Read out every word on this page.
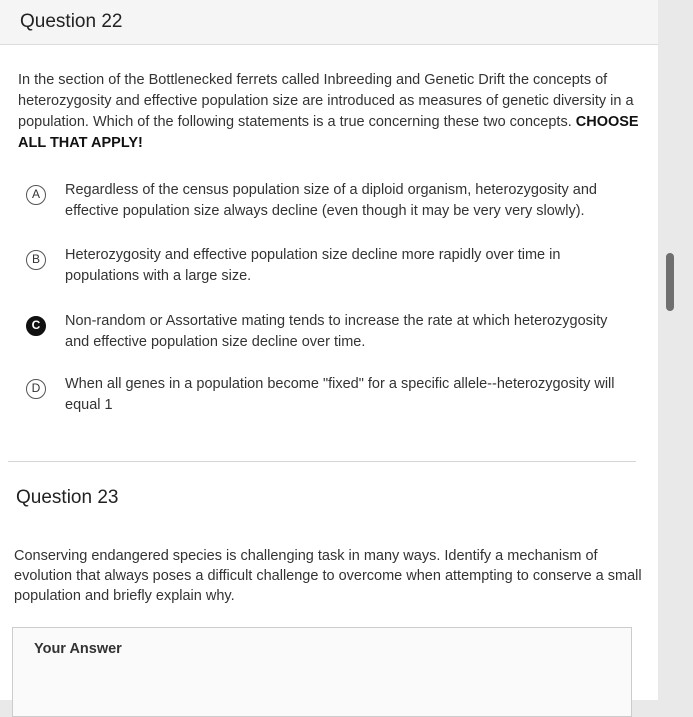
Question 22
In the section of the Bottlenecked ferrets called Inbreeding and Genetic Drift the concepts of heterozygosity and effective population size are introduced as measures of genetic diversity in a population. Which of the following statements is a true concerning these two concepts. CHOOSE ALL THAT APPLY!
A	Regardless of the census population size of a diploid organism, heterozygosity and effective population size always decline (even though it may be very very slowly).
B	Heterozygosity and effective population size decline more rapidly over time in populations with a large size.
C	Non-random or Assortative mating tends to increase the rate at which heterozygosity and effective population size decline over time.
D	When all genes in a population become "fixed" for a specific allele--heterozygosity will equal 1
Question 23
Conserving endangered species is challenging task in many ways. Identify a mechanism of evolution that always poses a difficult challenge to overcome when attempting to conserve a small population and briefly explain why.
Your Answer
